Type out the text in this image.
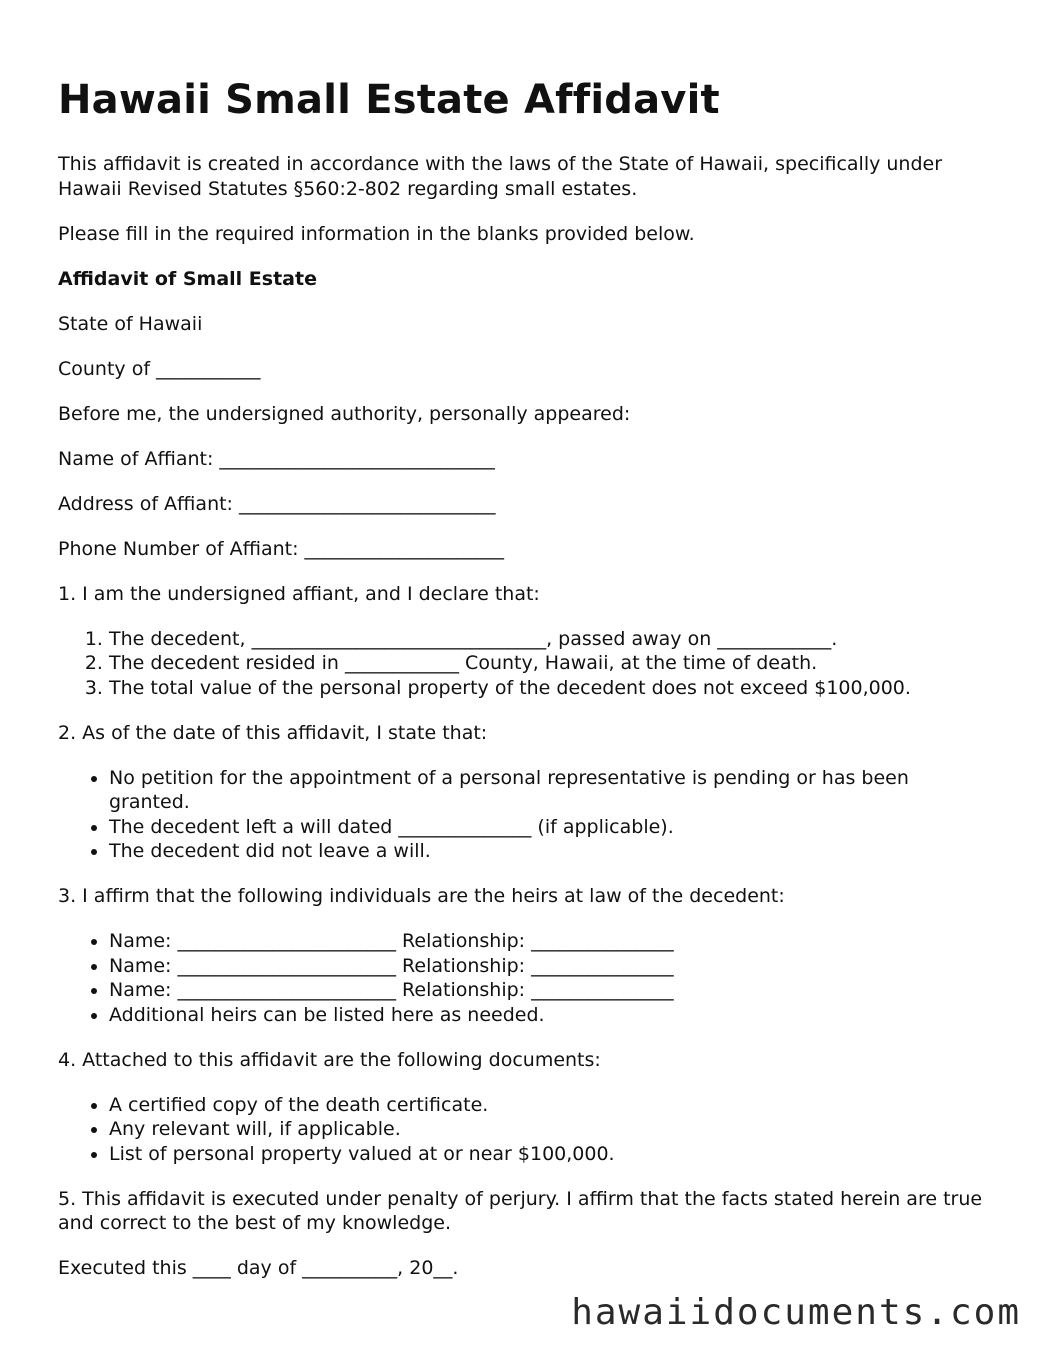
Hawaii Small Estate Affidavit

This affidavit is created in accordance with the laws of the State of Hawaii, specifically under Hawaii Revised Statutes §560:2-802 regarding small estates.

Please fill in the required information in the blanks provided below.

Affidavit of Small Estate

State of Hawaii

County of ___________

Before me, the undersigned authority, personally appeared:

Name of Affiant: _____________________________

Address of Affiant: ___________________________

Phone Number of Affiant: _____________________

1. I am the undersigned affiant, and I declare that:

1. The decedent, _______________________________, passed away on ____________.
2. The decedent resided in ____________ County, Hawaii, at the time of death.
3. The total value of the personal property of the decedent does not exceed $100,000.

2. As of the date of this affidavit, I state that:

• No petition for the appointment of a personal representative is pending or has been granted.
• The decedent left a will dated ______________ (if applicable).
• The decedent did not leave a will.

3. I affirm that the following individuals are the heirs at law of the decedent:

• Name: _______________________ Relationship: _______________
• Name: _______________________ Relationship: _______________
• Name: _______________________ Relationship: _______________
• Additional heirs can be listed here as needed.

4. Attached to this affidavit are the following documents:

• A certified copy of the death certificate.
• Any relevant will, if applicable.
• List of personal property valued at or near $100,000.

5. This affidavit is executed under penalty of perjury. I affirm that the facts stated herein are true and correct to the best of my knowledge.

Executed this ____ day of __________, 20__.

hawaiidocuments.com
